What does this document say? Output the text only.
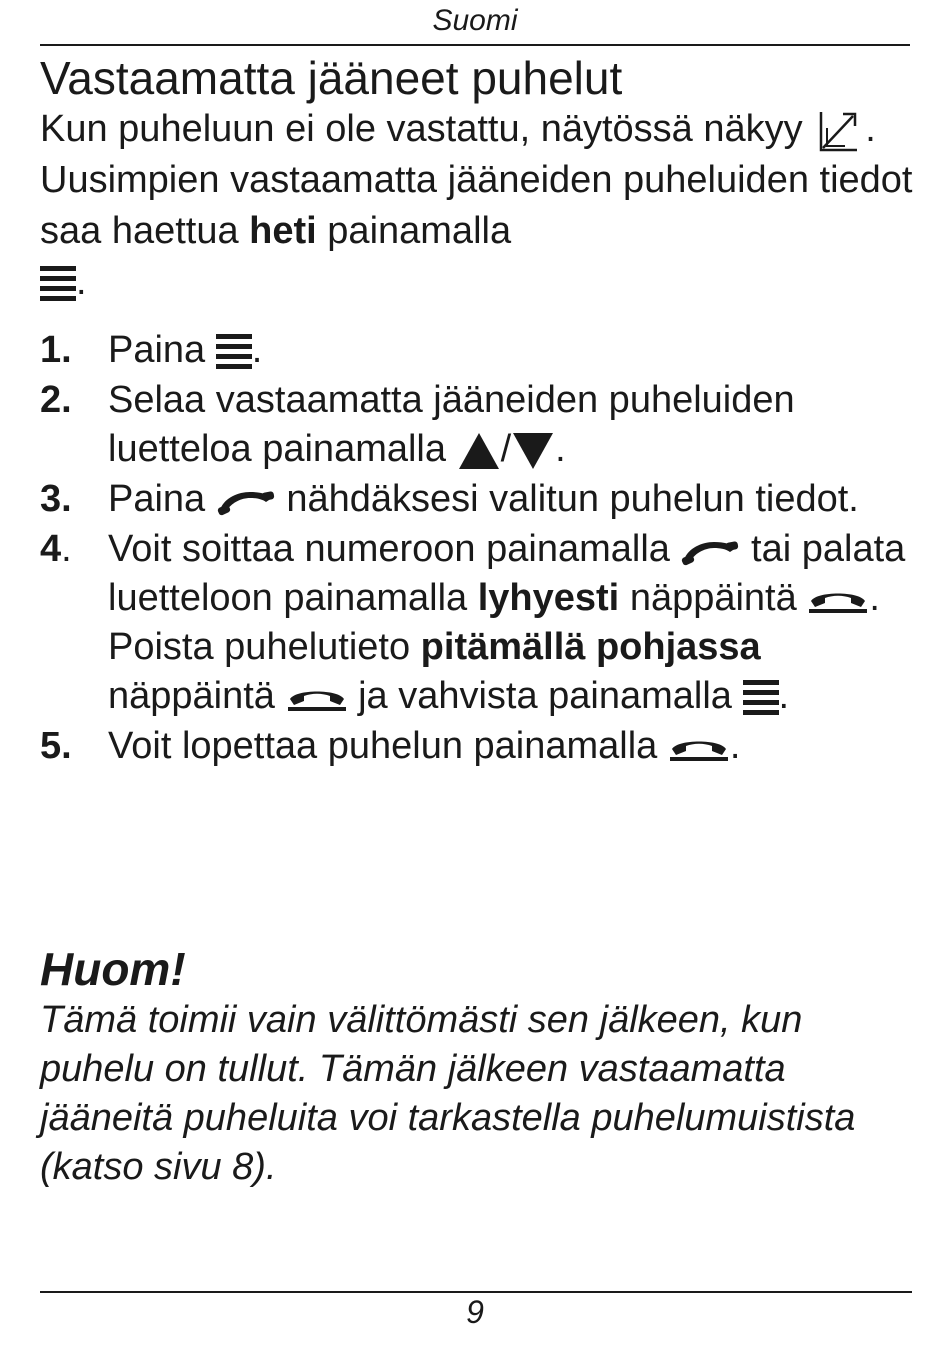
Suomi
Vastaamatta jääneet puhelut
Kun puheluun ei ole vastattu, näytössä näkyy . Uusimpien vastaamatta jääneiden puheluiden tiedot saa haettua heti painamalla

.
1. Paina .
2. Selaa vastaamatta jääneiden puheluiden luetteloa painamalla / .
3. Paina nähdäksesi valitun puhelun tiedot.
4. Voit soittaa numeroon painamalla tai palata luetteloon painamalla lyhyesti näppäintä . Poista puhelutieto pitämällä pohjassa näppäintä ja vahvista painamalla .
5. Voit lopettaa puhelun painamalla .
Huom!
Tämä toimii vain välittömästi sen jälkeen, kun puhelu on tullut. Tämän jälkeen vastaamatta jääneitä puheluita voi tarkastella puhelumuistista (katso sivu 8).
9
